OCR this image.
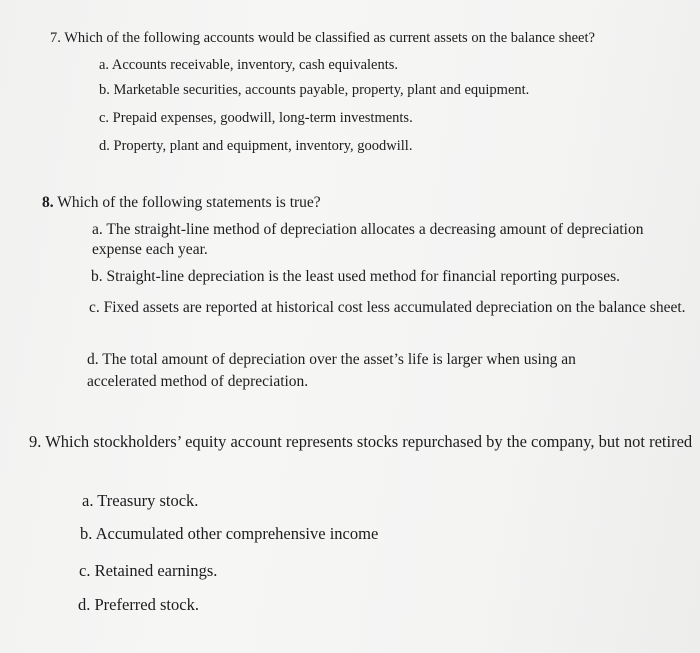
7. Which of the following accounts would be classified as current assets on the balance sheet?
a. Accounts receivable, inventory, cash equivalents.
b. Marketable securities, accounts payable, property, plant and equipment.
c. Prepaid expenses, goodwill, long-term investments.
d. Property, plant and equipment, inventory, goodwill.
8. Which of the following statements is true?
a. The straight-line method of depreciation allocates a decreasing amount of depreciation expense each year.
b. Straight-line depreciation is the least used method for financial reporting purposes.
c. Fixed assets are reported at historical cost less accumulated depreciation on the balance sheet.
d. The total amount of depreciation over the asset’s life is larger when using an accelerated method of depreciation.
9. Which stockholders’ equity account represents stocks repurchased by the company, but not retired
a. Treasury stock.
b. Accumulated other comprehensive income
c. Retained earnings.
d. Preferred stock.
